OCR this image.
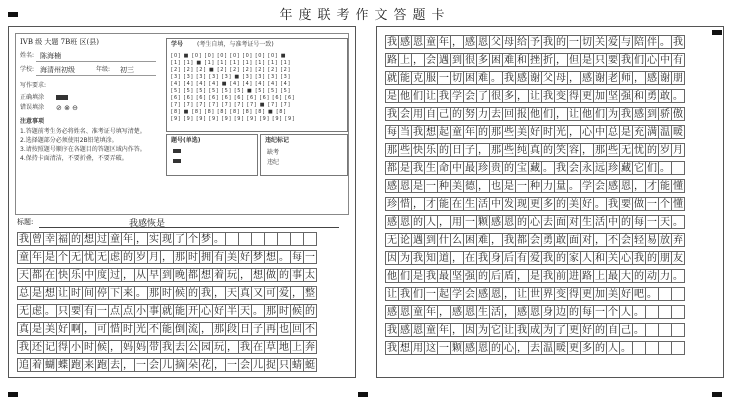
年度联考作文答题卡
IVB 级 大题 7B班 区(县)
姓名: 陈海楠
学校: 海清州初级	年级: 初三
写作要求:
正确填涂
错误填涂 ⊘ ⊗ ⊖
注意事项
1.答题前考生务必将姓名、准考证号填写清楚。
2.选择题部分必须使用2B铅笔填涂。
3.请按照题号顺序在各题目的答题区域内作答。
4.保持卡面清洁，不要折叠，不要弄破。
学号 (考生自填，与准考证号一致)
[0] ■ [0] [0] [0] [0] [0] [0] [0] ■
[1] [1] ■ [1] [1] [1] [1] [1] [1] [1]
[2] [2] [2] ■ [2] [2] [2] [2] [2] [2]
[3] [3] [3] [3] [3] ■ [3] [3] [3] [3]
[4] [4] [4] [4] ■ [4] [4] [4] [4] [4]
[5] [5] [5] [5] [5] [5] ■ [5] [5] [5]
[6] [6] [6] [6] [6] [6] [6] [6] [6] [6]
[7] [7] [7] [7] [7] [7] [7] ■ [7] [7]
[8] ■ [8] [8] [8] [8] [8] [8] ■ [8]
[9] [9] [9] [9] [9] [9] [9] [9] [9] [9]
题号(单选)	违纪标记
缺考
违纪
标题:	我感恢是
我 曾 幸 福 的 想 过 童 年 ， 实 现 了 个 梦 。
童 年 是 个 无 忧 无 虑 的 岁 月 ， 那 时 拥 有 美 好 梦 想 。 每 一
天 都 在 快 乐 中 度 过 ， 从 早 到 晚 都 想 着 玩 ， 想 做 的 事 太
总 是 想 让 时 间 停 下 来 。 那 时 候 的 我 ， 天 真 又 可 爱 ， 整
无 虑 。 只 要 有 一 点 点 小 事 就 能 开 心 好 半 天 。 那 时 候 的
真 是 美 好 啊 ， 可 惜 时 光 不 能 倒 流 ， 那 段 日 子 再 也 回 不
我 还 记 得 小 时 候 ， 妈 妈 带 我 去 公 园 玩 ， 我 在 草 地 上 奔
追 着 蝴 蝶 跑 来 跑 去 ， 一 会 儿 摘 朵 花 ， 一 会 儿 捉 只 蜻 蜓
我 感 恩 童 年 ， 感 恩 父 母 给 予 我 的 一 切 关 爱 与 陪 伴 。 我
路 上 ， 会 遇 到 很 多 困 难 和 挫 折 ， 但 是 只 要 我 们 心 中 有
就 能 克 服 一 切 困 难 。 我 感 谢 父 母 ， 感 谢 老 师 ， 感 谢 朋
是 他 们 让 我 学 会 了 很 多 ， 让 我 变 得 更 加 坚 强 和 勇 敢 。
我 会 用 自 己 的 努 力 去 回 报 他 们 ， 让 他 们 为 我 感 到 骄 傲
每 当 我 想 起 童 年 的 那 些 美 好 时 光 ， 心 中 总 是 充 满 温 暖
那 些 快 乐 的 日 子 ， 那 些 纯 真 的 笑 容 ， 那 些 无 忧 的 岁 月
都 是 我 生 命 中 最 珍 贵 的 宝 藏 。 我 会 永 远 珍 藏 它 们 。
感 恩 是 一 种 美 德 ， 也 是 一 种 力 量 。 学 会 感 恩 ， 才 能 懂
珍 惜 ， 才 能 在 生 活 中 发 现 更 多 的 美 好 。 我 要 做 一 个 懂
感 恩 的 人 ， 用 一 颗 感 恩 的 心 去 面 对 生 活 中 的 每 一 天 。
无 论 遇 到 什 么 困 难 ， 我 都 会 勇 敢 面 对 ， 不 会 轻 易 放 弃
因 为 我 知 道 ， 在 我 身 后 有 爱 我 的 家 人 和 关 心 我 的 朋 友
他 们 是 我 最 坚 强 的 后 盾 ， 是 我 前 进 路 上 最 大 的 动 力 。
让 我 们 一 起 学 会 感 恩 ， 让 世 界 变 得 更 加 美 好 吧 。
感 恩 童 年 ， 感 恩 生 活 ， 感 恩 身 边 的 每 一 个 人 。
我 感 恩 童 年 ， 因 为 它 让 我 成 为 了 更 好 的 自 己 。
我 想 用 这 一 颗 感 恩 的 心 ， 去 温 暖 更 多 的 人 。
